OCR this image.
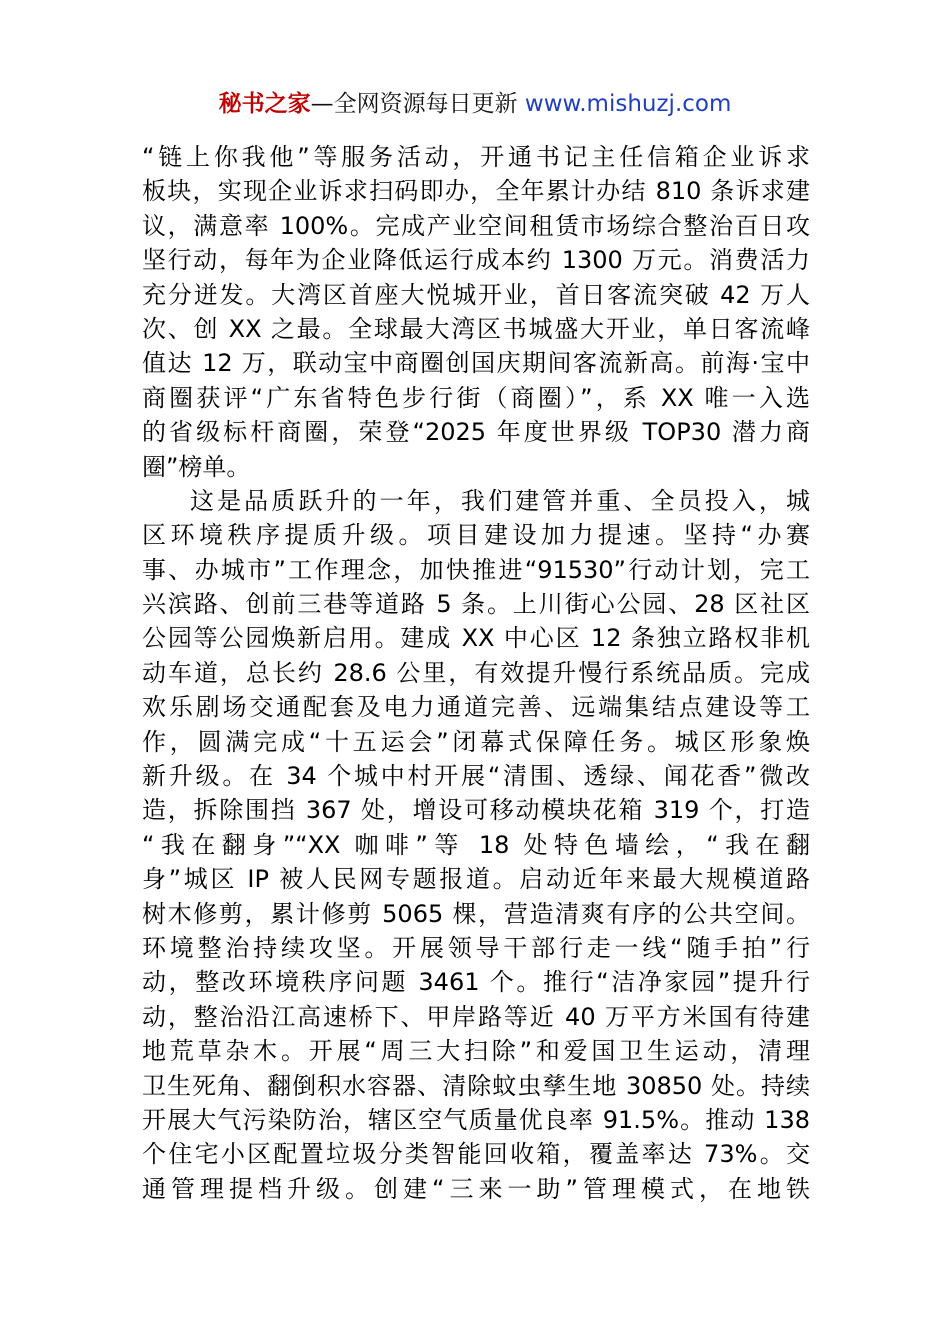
秘书之家—全网资源每日更新 www.mishuzj.com

“链上你我他”等服务活动，开通书记主任信箱企业诉求
板块，实现企业诉求扫码即办，全年累计办结 810 条诉求建
议，满意率 100%。完成产业空间租赁市场综合整治百日攻
坚行动，每年为企业降低运行成本约 1300 万元。消费活力
充分迸发。大湾区首座大悦城开业，首日客流突破 42 万人
次、创 XX 之最。全球最大湾区书城盛大开业，单日客流峰
值达 12 万，联动宝中商圈创国庆期间客流新高。前海·宝中
商圈获评“广东省特色步行街（商圈）”，系 XX 唯一入选
的省级标杆商圈，荣登“2025 年度世界级 TOP30 潜力商
圈”榜单。

这是品质跃升的一年，我们建管并重、全员投入，城
区环境秩序提质升级。项目建设加力提速。坚持“办赛
事、办城市”工作理念，加快推进“91530”行动计划，完工
兴滨路、创前三巷等道路 5 条。上川街心公园、28 区社区
公园等公园焕新启用。建成 XX 中心区 12 条独立路权非机
动车道，总长约 28.6 公里，有效提升慢行系统品质。完成
欢乐剧场交通配套及电力通道完善、远端集结点建设等工
作，圆满完成“十五运会”闭幕式保障任务。城区形象焕
新升级。在 34 个城中村开展“清围、透绿、闻花香”微改
造，拆除围挡 367 处，增设可移动模块花箱 319 个，打造
“我在翻身”“XX 咖啡”等 18 处特色墙绘，“我在翻
身”城区 IP 被人民网专题报道。启动近年来最大规模道路
树木修剪，累计修剪 5065 棵，营造清爽有序的公共空间。
环境整治持续攻坚。开展领导干部行走一线“随手拍”行
动，整改环境秩序问题 3461 个。推行“洁净家园”提升行
动，整治沿江高速桥下、甲岸路等近 40 万平方米国有待建
地荒草杂木。开展“周三大扫除”和爱国卫生运动，清理
卫生死角、翻倒积水容器、清除蚊虫孳生地 30850 处。持续
开展大气污染防治，辖区空气质量优良率 91.5%。推动 138
个住宅小区配置垃圾分类智能回收箱，覆盖率达 73%。交
通管理提档升级。创建“三来一助”管理模式，在地铁
